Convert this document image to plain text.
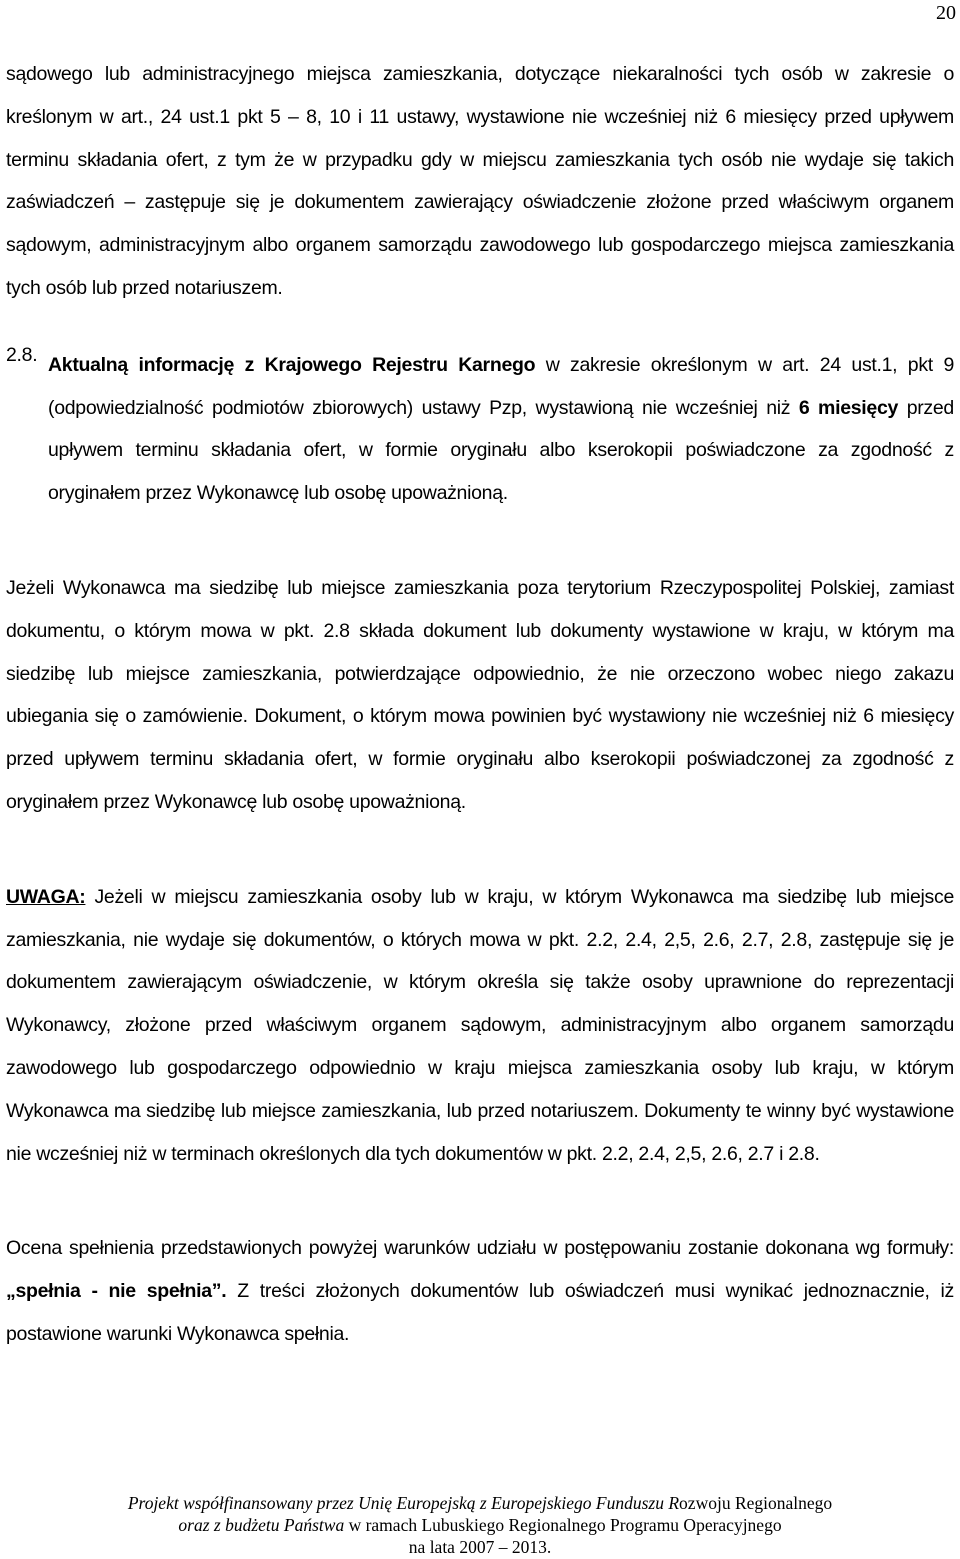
20

sądowego lub administracyjnego miejsca zamieszkania, dotyczące niekaralności tych osób w zakresie o kreślonym w art., 24 ust.1 pkt 5 – 8, 10 i 11 ustawy, wystawione nie wcześniej niż 6 miesięcy przed upływem terminu składania ofert, z tym że w przypadku gdy w miejscu zamieszkania tych osób nie wydaje się takich zaświadczeń – zastępuje się je dokumentem zawierający oświadczenie złożone przed właściwym organem sądowym, administracyjnym albo organem samorządu zawodowego lub gospodarczego miejsca zamieszkania tych osób lub przed notariuszem.

2.8. Aktualną informację z Krajowego Rejestru Karnego w zakresie określonym w art. 24 ust.1, pkt 9 (odpowiedzialność podmiotów zbiorowych) ustawy Pzp, wystawioną nie wcześniej niż 6 miesięcy przed upływem terminu składania ofert, w formie oryginału albo kserokopii poświadczone za zgodność z oryginałem przez Wykonawcę lub osobę upoważnioną.

Jeżeli Wykonawca ma siedzibę lub miejsce zamieszkania poza terytorium Rzeczypospolitej Polskiej, zamiast dokumentu, o którym mowa w pkt. 2.8 składa dokument lub dokumenty wystawione w kraju, w którym ma siedzibę lub miejsce zamieszkania, potwierdzające odpowiednio, że nie orzeczono wobec niego zakazu ubiegania się o zamówienie. Dokument, o którym mowa powinien być wystawiony nie wcześniej niż 6 miesięcy przed upływem terminu składania ofert, w formie oryginału albo kserokopii poświadczonej za zgodność z oryginałem przez Wykonawcę lub osobę upoważnioną.

UWAGA: Jeżeli w miejscu zamieszkania osoby lub w kraju, w którym Wykonawca ma siedzibę lub miejsce zamieszkania, nie wydaje się dokumentów, o których mowa w pkt. 2.2, 2.4, 2,5, 2.6, 2.7, 2.8, zastępuje się je dokumentem zawierającym oświadczenie, w którym określa się także osoby uprawnione do reprezentacji Wykonawcy, złożone przed właściwym organem sądowym, administracyjnym albo organem samorządu zawodowego lub gospodarczego odpowiednio w kraju miejsca zamieszkania osoby lub kraju, w którym Wykonawca ma siedzibę lub miejsce zamieszkania, lub przed notariuszem. Dokumenty te winny być wystawione nie wcześniej niż w terminach określonych dla tych dokumentów w pkt. 2.2, 2.4, 2,5, 2.6, 2.7 i 2.8.

Ocena spełnienia przedstawionych powyżej warunków udziału w postępowaniu zostanie dokonana wg formuły: „spełnia - nie spełnia”. Z treści złożonych dokumentów lub oświadczeń musi wynikać jednoznacznie, iż postawione warunki Wykonawca spełnia.

Projekt współfinansowany przez Unię Europejską z Europejskiego Funduszu Rozwoju Regionalnego
oraz z budżetu Państwa w ramach Lubuskiego Regionalnego Programu Operacyjnego
na lata 2007 – 2013.
